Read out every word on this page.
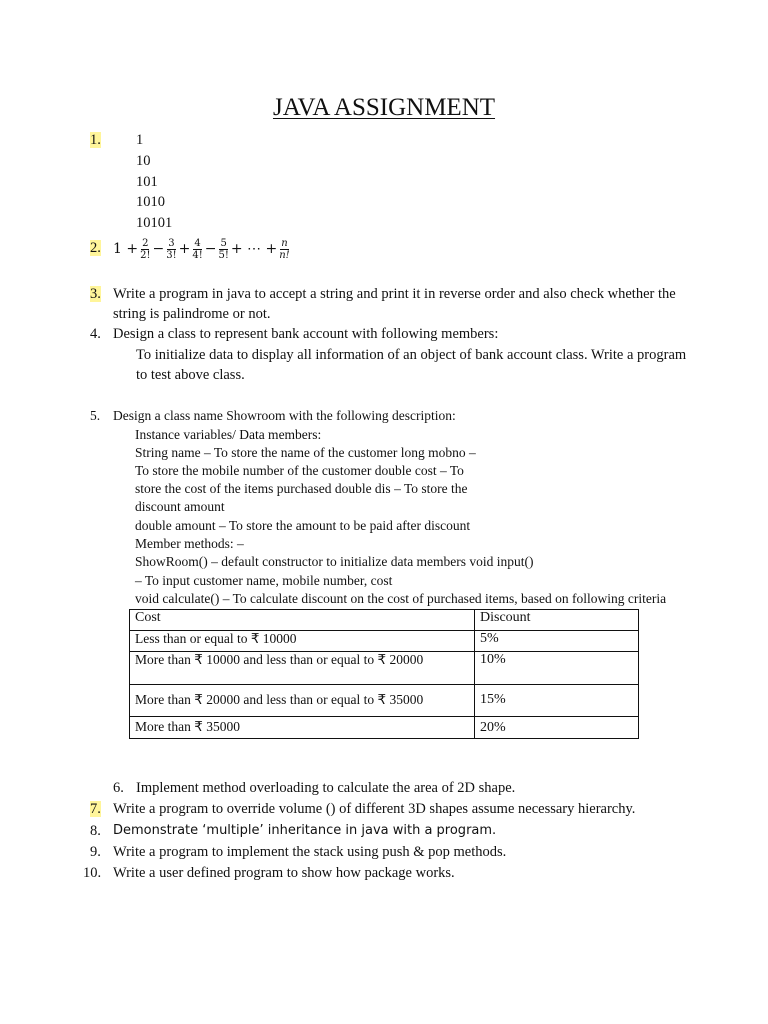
JAVA ASSIGNMENT
1. 1
10
101
1010
10101
2. $1 + \frac{2}{2!} - \frac{3}{3!} + \frac{4}{4!} - \frac{5}{5!}$ + ⋯ + $\frac{n}{n!}$
3. Write a program in java to accept a string and print it in reverse order and also check whether the
string is palindrome or not.
4. Design a class to represent bank account with following members:
To initialize data to display all information of an object of bank account class. Write a program
to test above class.
5. Design a class name Showroom with the following description:
Instance variables/ Data members:
String name – To store the name of the customer long mobno –
To store the mobile number of the customer double cost – To
store the cost of the items purchased double dis – To store the
discount amount
double amount – To store the amount to be paid after discount
Member methods: –
ShowRoom() – default constructor to initialize data members void input()
– To input customer name, mobile number, cost
void calculate() – To calculate discount on the cost of purchased items, based on following criteria
Cost	Discount
Less than or equal to ₹ 10000	5%
More than ₹ 10000 and less than or equal to ₹ 20000	10%
More than ₹ 20000 and less than or equal to ₹ 35000	15%
More than ₹ 35000	20%
6. Implement method overloading to calculate the area of 2D shape.
7. Write a program to override volume () of different 3D shapes assume necessary hierarchy.
8. Demonstrate ‘multiple’ inheritance in java with a program.
9. Write a program to implement the stack using push & pop methods.
10. Write a user defined program to show how package works.
